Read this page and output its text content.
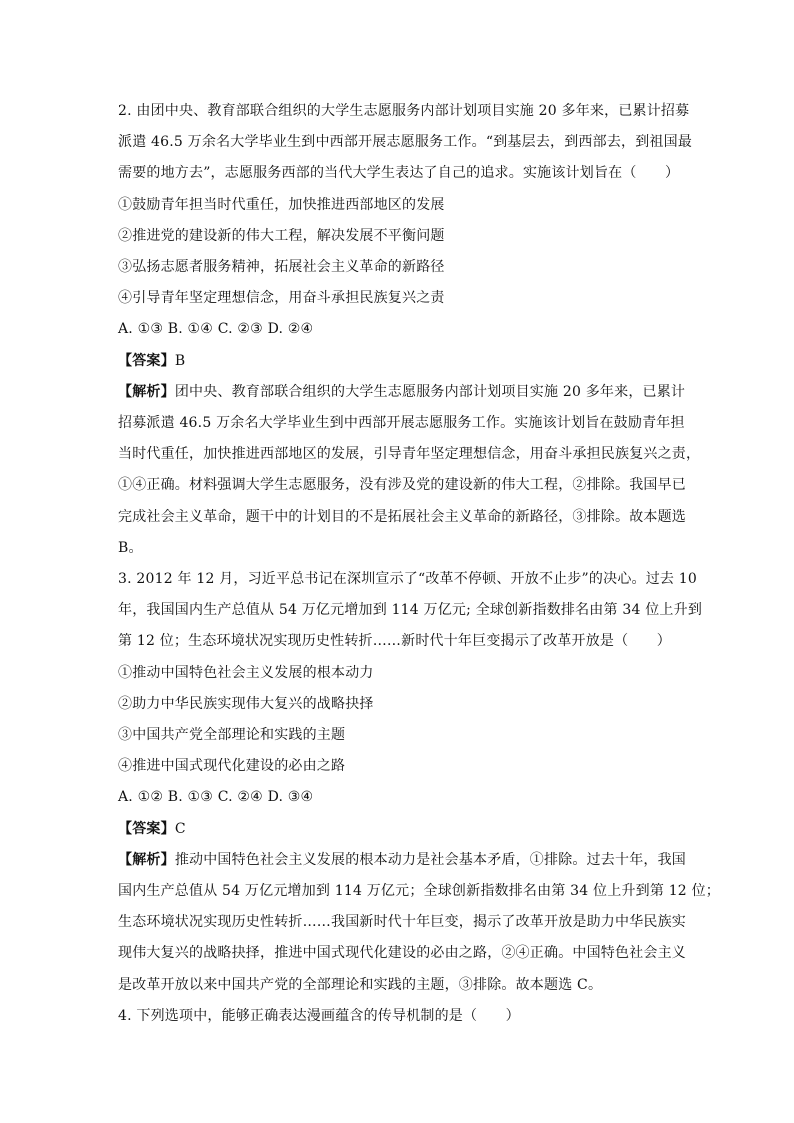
2. 由团中央、教育部联合组织的大学生志愿服务内部计划项目实施 20 多年来，已累计招募
派遣 46.5 万余名大学毕业生到中西部开展志愿服务工作。“到基层去，到西部去，到祖国最
需要的地方去”，志愿服务西部的当代大学生表达了自己的追求。实施该计划旨在（　　）
①鼓励青年担当时代重任，加快推进西部地区的发展
②推进党的建设新的伟大工程，解决发展不平衡问题
③弘扬志愿者服务精神，拓展社会主义革命的新路径
④引导青年坚定理想信念，用奋斗承担民族复兴之责
A. ①③ B. ①④ C. ②③ D. ②④
【答案】B
【解析】团中央、教育部联合组织的大学生志愿服务内部计划项目实施 20 多年来，已累计
招募派遣 46.5 万余名大学毕业生到中西部开展志愿服务工作。实施该计划旨在鼓励青年担
当时代重任，加快推进西部地区的发展，引导青年坚定理想信念，用奋斗承担民族复兴之责，
①④正确。材料强调大学生志愿服务，没有涉及党的建设新的伟大工程，②排除。我国早已
完成社会主义革命，题干中的计划目的不是拓展社会主义革命的新路径，③排除。故本题选
B。
3. 2012 年 12 月，习近平总书记在深圳宣示了“改革不停顿、开放不止步”的决心。过去 10
年，我国国内生产总值从 54 万亿元增加到 114 万亿元; 全球创新指数排名由第 34 位上升到
第 12 位；生态环境状况实现历史性转折……新时代十年巨变揭示了改革开放是（　　）
①推动中国特色社会主义发展的根本动力
②助力中华民族实现伟大复兴的战略抉择
③中国共产党全部理论和实践的主题
④推进中国式现代化建设的必由之路
A. ①② B. ①③ C. ②④ D. ③④
【答案】C
【解析】推动中国特色社会主义发展的根本动力是社会基本矛盾，①排除。过去十年，我国
国内生产总值从 54 万亿元增加到 114 万亿元；全球创新指数排名由第 34 位上升到第 12 位；
生态环境状况实现历史性转折……我国新时代十年巨变，揭示了改革开放是助力中华民族实
现伟大复兴的战略抉择，推进中国式现代化建设的必由之路，②④正确。中国特色社会主义
是改革开放以来中国共产党的全部理论和实践的主题，③排除。故本题选 C。
4. 下列选项中，能够正确表达漫画蕴含的传导机制的是（　　）
